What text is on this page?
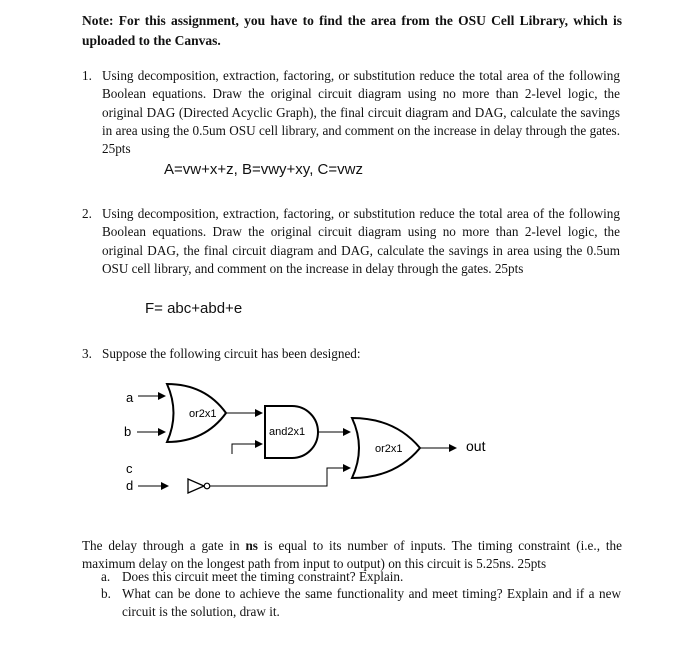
Note: For this assignment, you have to find the area from the OSU Cell Library, which is uploaded to the Canvas.
1. Using decomposition, extraction, factoring, or substitution reduce the total area of the following Boolean equations. Draw the original circuit diagram using no more than 2-level logic, the original DAG (Directed Acyclic Graph), the final circuit diagram and DAG, calculate the savings in area using the 0.5um OSU cell library, and comment on the increase in delay through the gates. 25pts
A=vw+x+z, B=vwy+xy, C=vwz
2. Using decomposition, extraction, factoring, or substitution reduce the total area of the following Boolean equations. Draw the original circuit diagram using no more than 2-level logic, the original DAG, the final circuit diagram and DAG, calculate the savings in area using the 0.5um OSU cell library, and comment on the increase in delay through the gates. 25pts
F= abc+abd+e
3. Suppose the following circuit has been designed:
a
b
c
d
or2x1
and2x1
or2x1	out
The delay through a gate in ns is equal to its number of inputs. The timing constraint (i.e., the maximum delay on the longest path from input to output) on this circuit is 5.25ns. 25pts
a. Does this circuit meet the timing constraint? Explain.
b. What can be done to achieve the same functionality and meet timing? Explain and if a new circuit is the solution, draw it.
